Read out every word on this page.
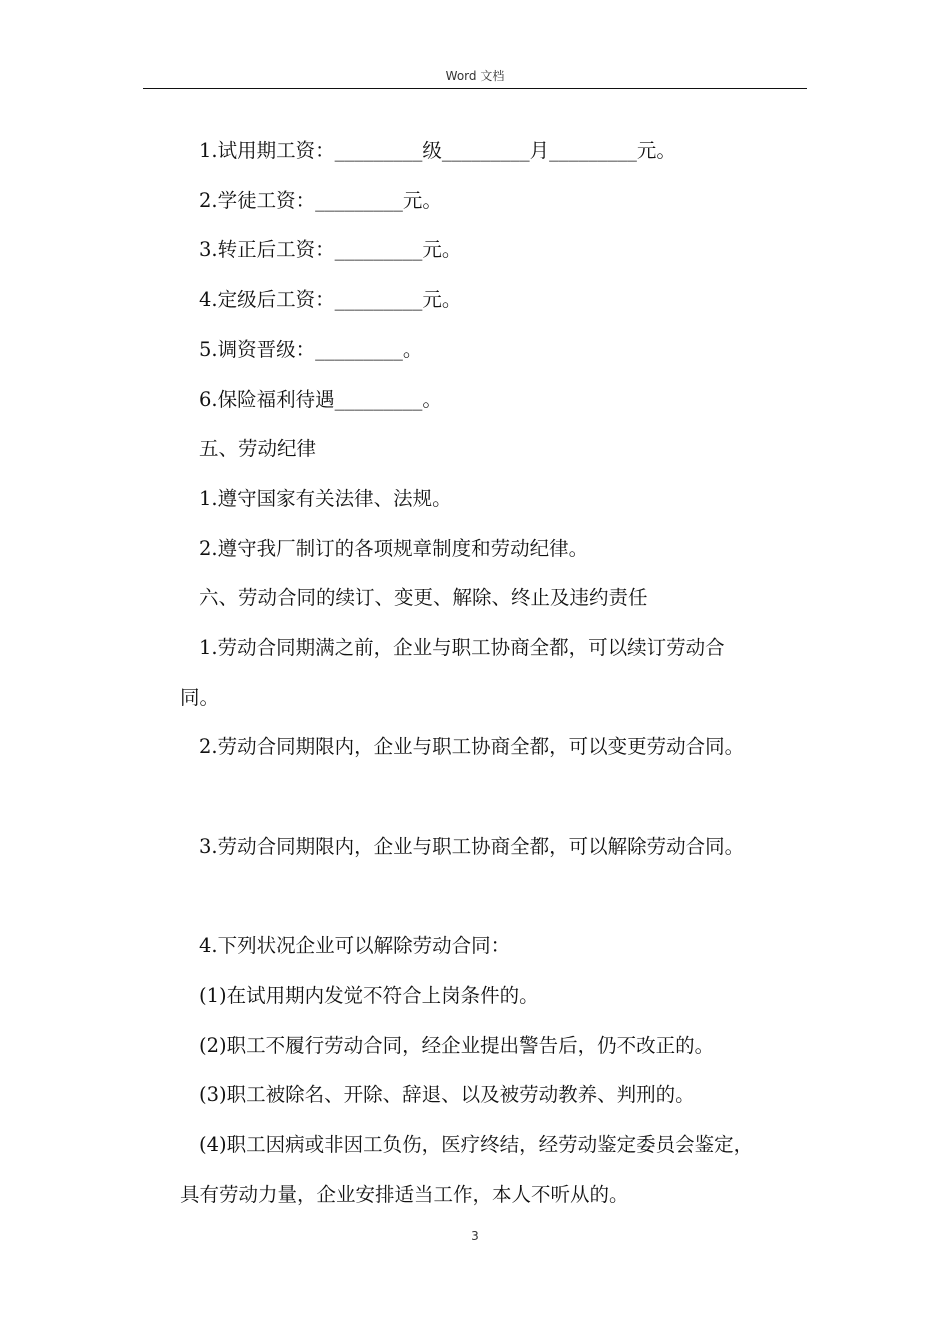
Word 文档

1.试用期工资：_________级_________月_________元。

2.学徒工资：_________元。

3.转正后工资：_________元。

4.定级后工资：_________元。

5.调资晋级：_________。

6.保险福利待遇_________。

五、劳动纪律

1.遵守国家有关法律、法规。

2.遵守我厂制订的各项规章制度和劳动纪律。

六、劳动合同的续订、变更、解除、终止及违约责任

1.劳动合同期满之前，企业与职工协商全都，可以续订劳动合

同。

2.劳动合同期限内，企业与职工协商全都，可以变更劳动合同。

3.劳动合同期限内，企业与职工协商全都，可以解除劳动合同。

4.下列状况企业可以解除劳动合同：

(1)在试用期内发觉不符合上岗条件的。

(2)职工不履行劳动合同，经企业提出警告后，仍不改正的。

(3)职工被除名、开除、辞退、以及被劳动教养、判刑的。

(4)职工因病或非因工负伤，医疗终结，经劳动鉴定委员会鉴定，

具有劳动力量，企业安排适当工作，本人不听从的。

3
